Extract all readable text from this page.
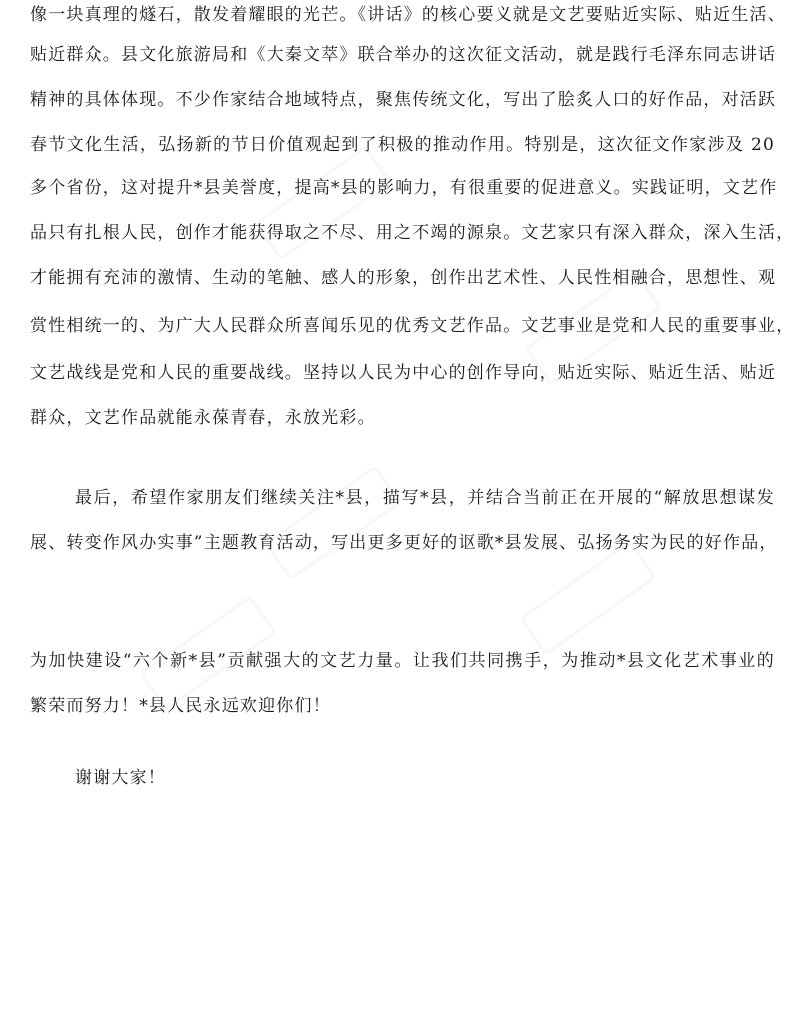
像一块真理的燧石，散发着耀眼的光芒。《讲话》的核心要义就是文艺要贴近实际、贴近生活、
贴近群众。县文化旅游局和《大秦文萃》联合举办的这次征文活动，就是践行毛泽东同志讲话
精神的具体体现。不少作家结合地域特点，聚焦传统文化，写出了脍炙人口的好作品，对活跃
春节文化生活，弘扬新的节日价值观起到了积极的推动作用。特别是，这次征文作家涉及 20
多个省份，这对提升*县美誉度，提高*县的影响力，有很重要的促进意义。实践证明，文艺作
品只有扎根人民，创作才能获得取之不尽、用之不竭的源泉。文艺家只有深入群众，深入生活，
才能拥有充沛的激情、生动的笔触、感人的形象，创作出艺术性、人民性相融合，思想性、观
赏性相统一的、为广大人民群众所喜闻乐见的优秀文艺作品。文艺事业是党和人民的重要事业，
文艺战线是党和人民的重要战线。坚持以人民为中心的创作导向，贴近实际、贴近生活、贴近
群众，文艺作品就能永葆青春，永放光彩。
最后，希望作家朋友们继续关注*县，描写*县，并结合当前正在开展的“解放思想谋发
展、转变作风办实事”主题教育活动，写出更多更好的讴歌*县发展、弘扬务实为民的好作品，
为加快建设“六个新*县”贡献强大的文艺力量。让我们共同携手，为推动*县文化艺术事业的
繁荣而努力！*县人民永远欢迎你们！
谢谢大家！
